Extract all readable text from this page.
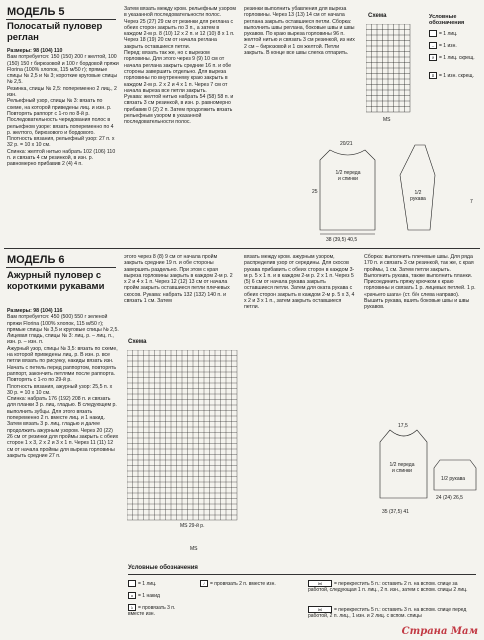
МОДЕЛЬ 5
Полосатый пуловер реглан
Размеры: 98 (104) 110
Вам потребуется: 150 (150) 200 г желтой, 100 (150) 150 г бирюзовой и 100 г бордовой пряжи Florina (100% хлопок, 115 м/50 г); прямые спицы № 2,5 и № 3; короткие круговые спицы № 2,5.
Резинка, спицы № 2,5: попеременно 2 лиц., 2 изн.
Рельефный узор, спицы № 3: вязать по схеме, на которой приведены лиц. и изн. р. Повторять раппорт с 1-го по 8-й р.
Последовательность чередования полос в рельефном узоре: вязать попеременно по 4 р. желтого, бирюзового и бордового.
Плотность вязания, рельефный узор: 27 п. х 32 р. = 10 х 10 см.
Спинка: желтой нитью набрать 102 (106) 110 п. и связать 4 см резинкой, в изн. р. равномерно прибавив 2 (4) 4 п.
Затем вязать между кром. рельефным узором в указанной последовательности полос. Через 25 (27) 29 см от резинки для реглана с обеих сторон закрыть по 3 п., а затем в каждом 2-м р. 8 (10) 12 х 2 п. и 12 (10) 8 х 1 п. Через 18 (19) 20 см от начала реглана закрыть оставшиеся петли.
Перед: вязать так же, но с вырезом горловины. Для этого через 9 (9) 10 см от начала реглана закрыть средние 16 п. и обе стороны завершить отдельно. Для выреза горловины по внутреннему краю закрыть в каждом 2-м р. 2 х 2 и 4 х 1 п. Через 7 см от начала выреза все петли закрыть.
Рукава: желтой нитью набрать 54 (58) 58 п. и связать 3 см резинкой, в изн. р. равномерно прибавив 0 (2) 2 п. Затем продолжить вязать рельефным узором в указанной последовательности полос.
резинки выполнить убавления для выреза горловины. Через 13 (13) 14 см от начала реглана закрыть оставшиеся петли. Сборка: выполнить швы реглана, боковые швы и швы рукавов. По краю выреза горловины 96 п. желтой нитью и связать 3 см резинкой, из них 2 см – бирюзовой и 1 см желтой. Петли закрыть. В конце все швы слегка отпарить.
Схема
MS
Условные обозначения
= 1 лиц.
– = 1 изн.
ϑ = 1 лиц. скрещ.
⊻ = 1 изн. скрещ.
1/2 переда и спинки
1/2 рукава
38 (39,5) 40,5
20/21
25
7
МОДЕЛЬ 6
Ажурный пуловер с короткими рукавами
Размеры: 98 (104) 116
Вам потребуется: 450 (500) 550 г зеленой пряжи Florina (100% хлопок, 115 м/50 г); прямые спицы № 3,5 и круговые спицы № 2,5.
Лицевая гладь, спицы № 3: лиц. р. – лиц. п., изн. р. – изн. п.
Ажурный узор, спицы № 3,5: вязать по схеме, на которой приведены лиц. р. В изн. р. все петли вязать по рисунку, накиды вязать изн. Начать с петель перед раппортом, повторять раппорт, закончить петлями после раппорта. Повторять с 1-го по 29-й р.
Плотность вязания, ажурный узор: 25,5 п. х 30 р. = 10 х 10 см.
Спинка: набрать 176 (192) 208 п. и связать для планки 3 р. лиц. гладью. В следующем р. выполнить зубцы. Для этого вязать попеременно 2 п. вместе лиц. и 1 накид. Затем вязать 3 р. лиц. гладью и далее продолжить ажурным узором. Через 20 (22) 26 см от резинки для проймы закрыть с обеих сторон 1 х 3, 2 х 2 и 3 х 1 п. Через 11 (11) 12 см от начала проймы для выреза горловины закрыть средние 27 п.
этого через 8 (8) 9 см от начала пройм закрыть средние 19 п. и обе стороны завершить раздельно. При этом с края выреза горловины закрыть в каждом 2-м р. 2 х 2 и 4 х 1 п. Через 12 (12) 13 см от начала пройм закрыть оставшиеся петли плечевых скосов. Рукава: набрать 132 (132) 140 п. и связать 1 см. Затем
вязать между кром. ажурным узором, распределив узор от середины. Для скосов рукава прибавить с обеих сторон в каждом 3-м р. 5 х 1 п. и в каждом 2-м р. 2 х 1 п. Через 5 (5) 6 см от начала рукава закрыть оставшиеся петли. Затем для оката рукава с обеих сторон закрыть в каждом 2-м р. 5 х 3, 4 х 2 и 3 х 1 п., затем закрыть оставшиеся петли.
Сборка: выполнить плечевые швы. Для ряда 170 п. и связать 3 см резинкой, так же, с края проймы, 1 см. Затем петли закрыть. Выполнить рукава, также выполнить планки. Присоединить пряжу крючком к краю горловины и связать 1 р. лицевых петлей. 1 р. «рачьего шага» (ст. б/н слева направо). Вышить рукава, вшить боковые швы и швы рукавов.
Схема
MS 29-й р.
MS
1/2 переда и спинки
1/2 рукава
17,5
35 (37,5) 41
24 (24) 26,5
Условные обозначения
= 1 лиц.
o = 1 накид
λ = провязать 3 п. вместе изн.
/ = провязать 2 п. вместе изн.	⋈ = перекрестить 5 п.: оставить 2 п. на вспом. спице за работой, следующая 1 п. лиц., 2 п. изн., затем с вспом. спицы 2 лиц.
⋈ = перекрестить 5 п.: оставить 3 п. на вспом. спице перед работой, 2 п. лиц., 1 изн. и 2 лиц. с вспом. спицы
Страна Мам
